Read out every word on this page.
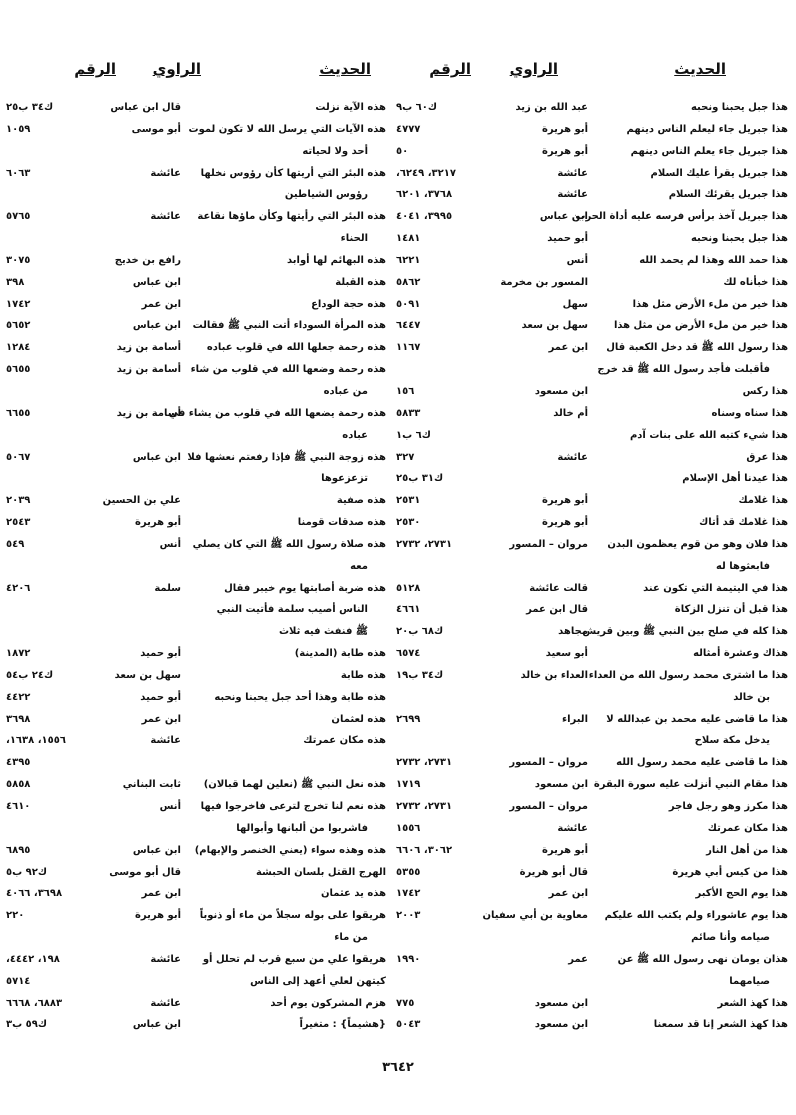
الحديث
الراوي
الرقم
الحديث
الراوي
الرقم
هذا جبل يحبنا ونحبه
عبد الله بن زيد
ك٦٠ ب٩
هذا جبريل جاء ليعلم الناس دينهم
أبو هريرة
٤٧٧٧
هذا جبريل جاء يعلم الناس دينهم
أبو هريرة
٥٠
هذا جبريل يقرأ عليك السلام
عائشة
٣٢١٧، ٦٢٤٩،
هذا جبريل يقرئك السلام
عائشة
٣٧٦٨، ٦٢٠١
هذا جبريل آخذ برأس فرسه عليه أداة الحرب
ابن عباس
٣٩٩٥، ٤٠٤١
هذا جبل يحبنا ونحبه
أبو حميد
١٤٨١
هذا حمد الله وهذا لم يحمد الله
أنس
٦٢٢١
هذا خبأناه لك
المسور بن مخرمة
٥٨٦٢
هذا خير من ملء الأرض مثل هذا
سهل
٥٠٩١
هذا خير من ملء الأرض من مثل هذا
سهل بن سعد
٦٤٤٧
هذا رسول الله ﷺ قد دخل الكعبة قال
ابن عمر
١١٦٧
فأقبلت فأجد رسول الله ﷺ قد خرج
هذا ركس
ابن مسعود
١٥٦
هذا سناه وسناه
أم خالد
٥٨٣٣
هذا شيء كتبه الله على بنات آدم
ك٦ ب١
هذا عرق
عائشة
٣٢٧
هذا عيدنا أهل الإسلام
ك٣١ ب٢٥
هذا غلامك
أبو هريرة
٢٥٣١
هذا غلامك قد أتاك
أبو هريرة
٢٥٣٠
هذا فلان وهو من قوم يعظمون البدن
مروان – المسور
٢٧٣١، ٢٧٣٢
فابعثوها له
هذا في اليتيمة التي تكون عند
قالت عائشة
٥١٢٨
هذا قبل أن تنزل الزكاة
قال ابن عمر
٤٦٦١
هذا كله في صلح بين النبي ﷺ وبين قريش
مجاهد
ك٦٨ ب٢٠
هذاك وعشرة أمثاله
أبو سعيد
٦٥٧٤
هذا ما اشترى محمد رسول الله من العداء
العداء بن خالد
ك٣٤ ب١٩
بن خالد
هذا ما قاضى عليه محمد بن عبدالله لا
البراء
٢٦٩٩
يدخل مكة سلاح
هذا ما قاضى عليه محمد رسول الله
مروان – المسور
٢٧٣١، ٢٧٣٢
هذا مقام النبي أنزلت عليه سورة البقرة
ابن مسعود
١٧١٩
هذا مكرز وهو رجل فاجر
مروان – المسور
٢٧٣١، ٢٧٣٢
هذا مكان عمرتك
عائشة
١٥٥٦
هذا من أهل النار
أبو هريرة
٣٠٦٢، ٦٦٠٦
هذا من كيس أبي هريرة
قال أبو هريرة
٥٣٥٥
هذا يوم الحج الأكبر
ابن عمر
١٧٤٢
هذا يوم عاشوراء ولم يكتب الله عليكم
معاوية بن أبي سفيان
٢٠٠٣
صيامه وأنا صائم
هذان يومان نهى رسول الله ﷺ عن
عمر
١٩٩٠
صيامهما
هذا كهذ الشعر
ابن مسعود
٧٧٥
هذا كهذ الشعر إنا قد سمعنا
ابن مسعود
٥٠٤٣
هذه الآية نزلت
قال ابن عباس
ك٣٤ ب٢٥
هذه الآيات التي يرسل الله لا تكون لموت
أبو موسى
١٠٥٩
أحد ولا لحياته
هذه البئر التي أريتها كأن رؤوس نخلها
عائشة
٦٠٦٣
رؤوس الشياطين
هذه البئر التي رأيتها وكأن ماؤها نقاعة
عائشة
٥٧٦٥
الحناء
هذه البهائم لها أوابد
رافع بن خديج
٣٠٧٥
هذه القبلة
ابن عباس
٣٩٨
هذه حجة الوداع
ابن عمر
١٧٤٢
هذه المرأة السوداء أتت النبي ﷺ فقالت
ابن عباس
٥٦٥٢
هذه رحمة جعلها الله في قلوب عباده
أسامة بن زيد
١٢٨٤
هذه رحمة وضعها الله في قلوب من شاء
أسامة بن زيد
٥٦٥٥
من عباده
هذه رحمة يضعها الله في قلوب من يشاء في
أسامة بن زيد
٦٦٥٥
عباده
هذه زوجة النبي ﷺ فإذا رفعتم نعشها فلا
ابن عباس
٥٠٦٧
تزعزعوها
هذه صفية
علي بن الحسين
٢٠٣٩
هذه صدقات قومنا
أبو هريرة
٢٥٤٣
هذه صلاة رسول الله ﷺ التي كان يصلي
أنس
٥٤٩
معه
هذه ضربة أصابتها يوم خيبر فقال
سلمة
٤٢٠٦
الناس أصيب سلمة فأتيت النبي
ﷺ فنفث فيه ثلاث
هذه طابة (المدينة)
أبو حميد
١٨٧٢
هذه طابة
سهل بن سعد
ك٢٤ ب٥٤
هذه طابة وهذا أحد جبل يحبنا ونحبه
أبو حميد
٤٤٢٢
هذه لعثمان
ابن عمر
٣٦٩٨
هذه مكان عمرتك
عائشة
١٥٥٦، ١٦٣٨،
٤٣٩٥
هذه نعل النبي ﷺ (نعلين لهما قبالان)
ثابت البناني
٥٨٥٨
هذه نعم لنا تخرج لترعى فاخرجوا فيها
أنس
٤٦١٠
فاشربوا من ألبانها وأبوالها
هذه وهذه سواء (يعني الخنصر والإبهام)
ابن عباس
٦٨٩٥
الهرج القتل بلسان الحبشة
قال أبو موسى
ك٩٢ ب٥
هذه يد عثمان
ابن عمر
٣٦٩٨، ٤٠٦٦
هريقوا على بوله سجلاً من ماء أو ذنوباً
أبو هريرة
٢٢٠
من ماء
هريقوا علي من سبع قرب لم تحلل أو
عائشة
١٩٨، ٤٤٤٢،
كيتهن لعلي أعهد إلى الناس
٥٧١٤
هزم المشركون يوم أحد
عائشة
٦٨٨٣، ٦٦٦٨
{هشيماً} : متغيراً
ابن عباس
ك٥٩ ب٣
٣٦٤٢
